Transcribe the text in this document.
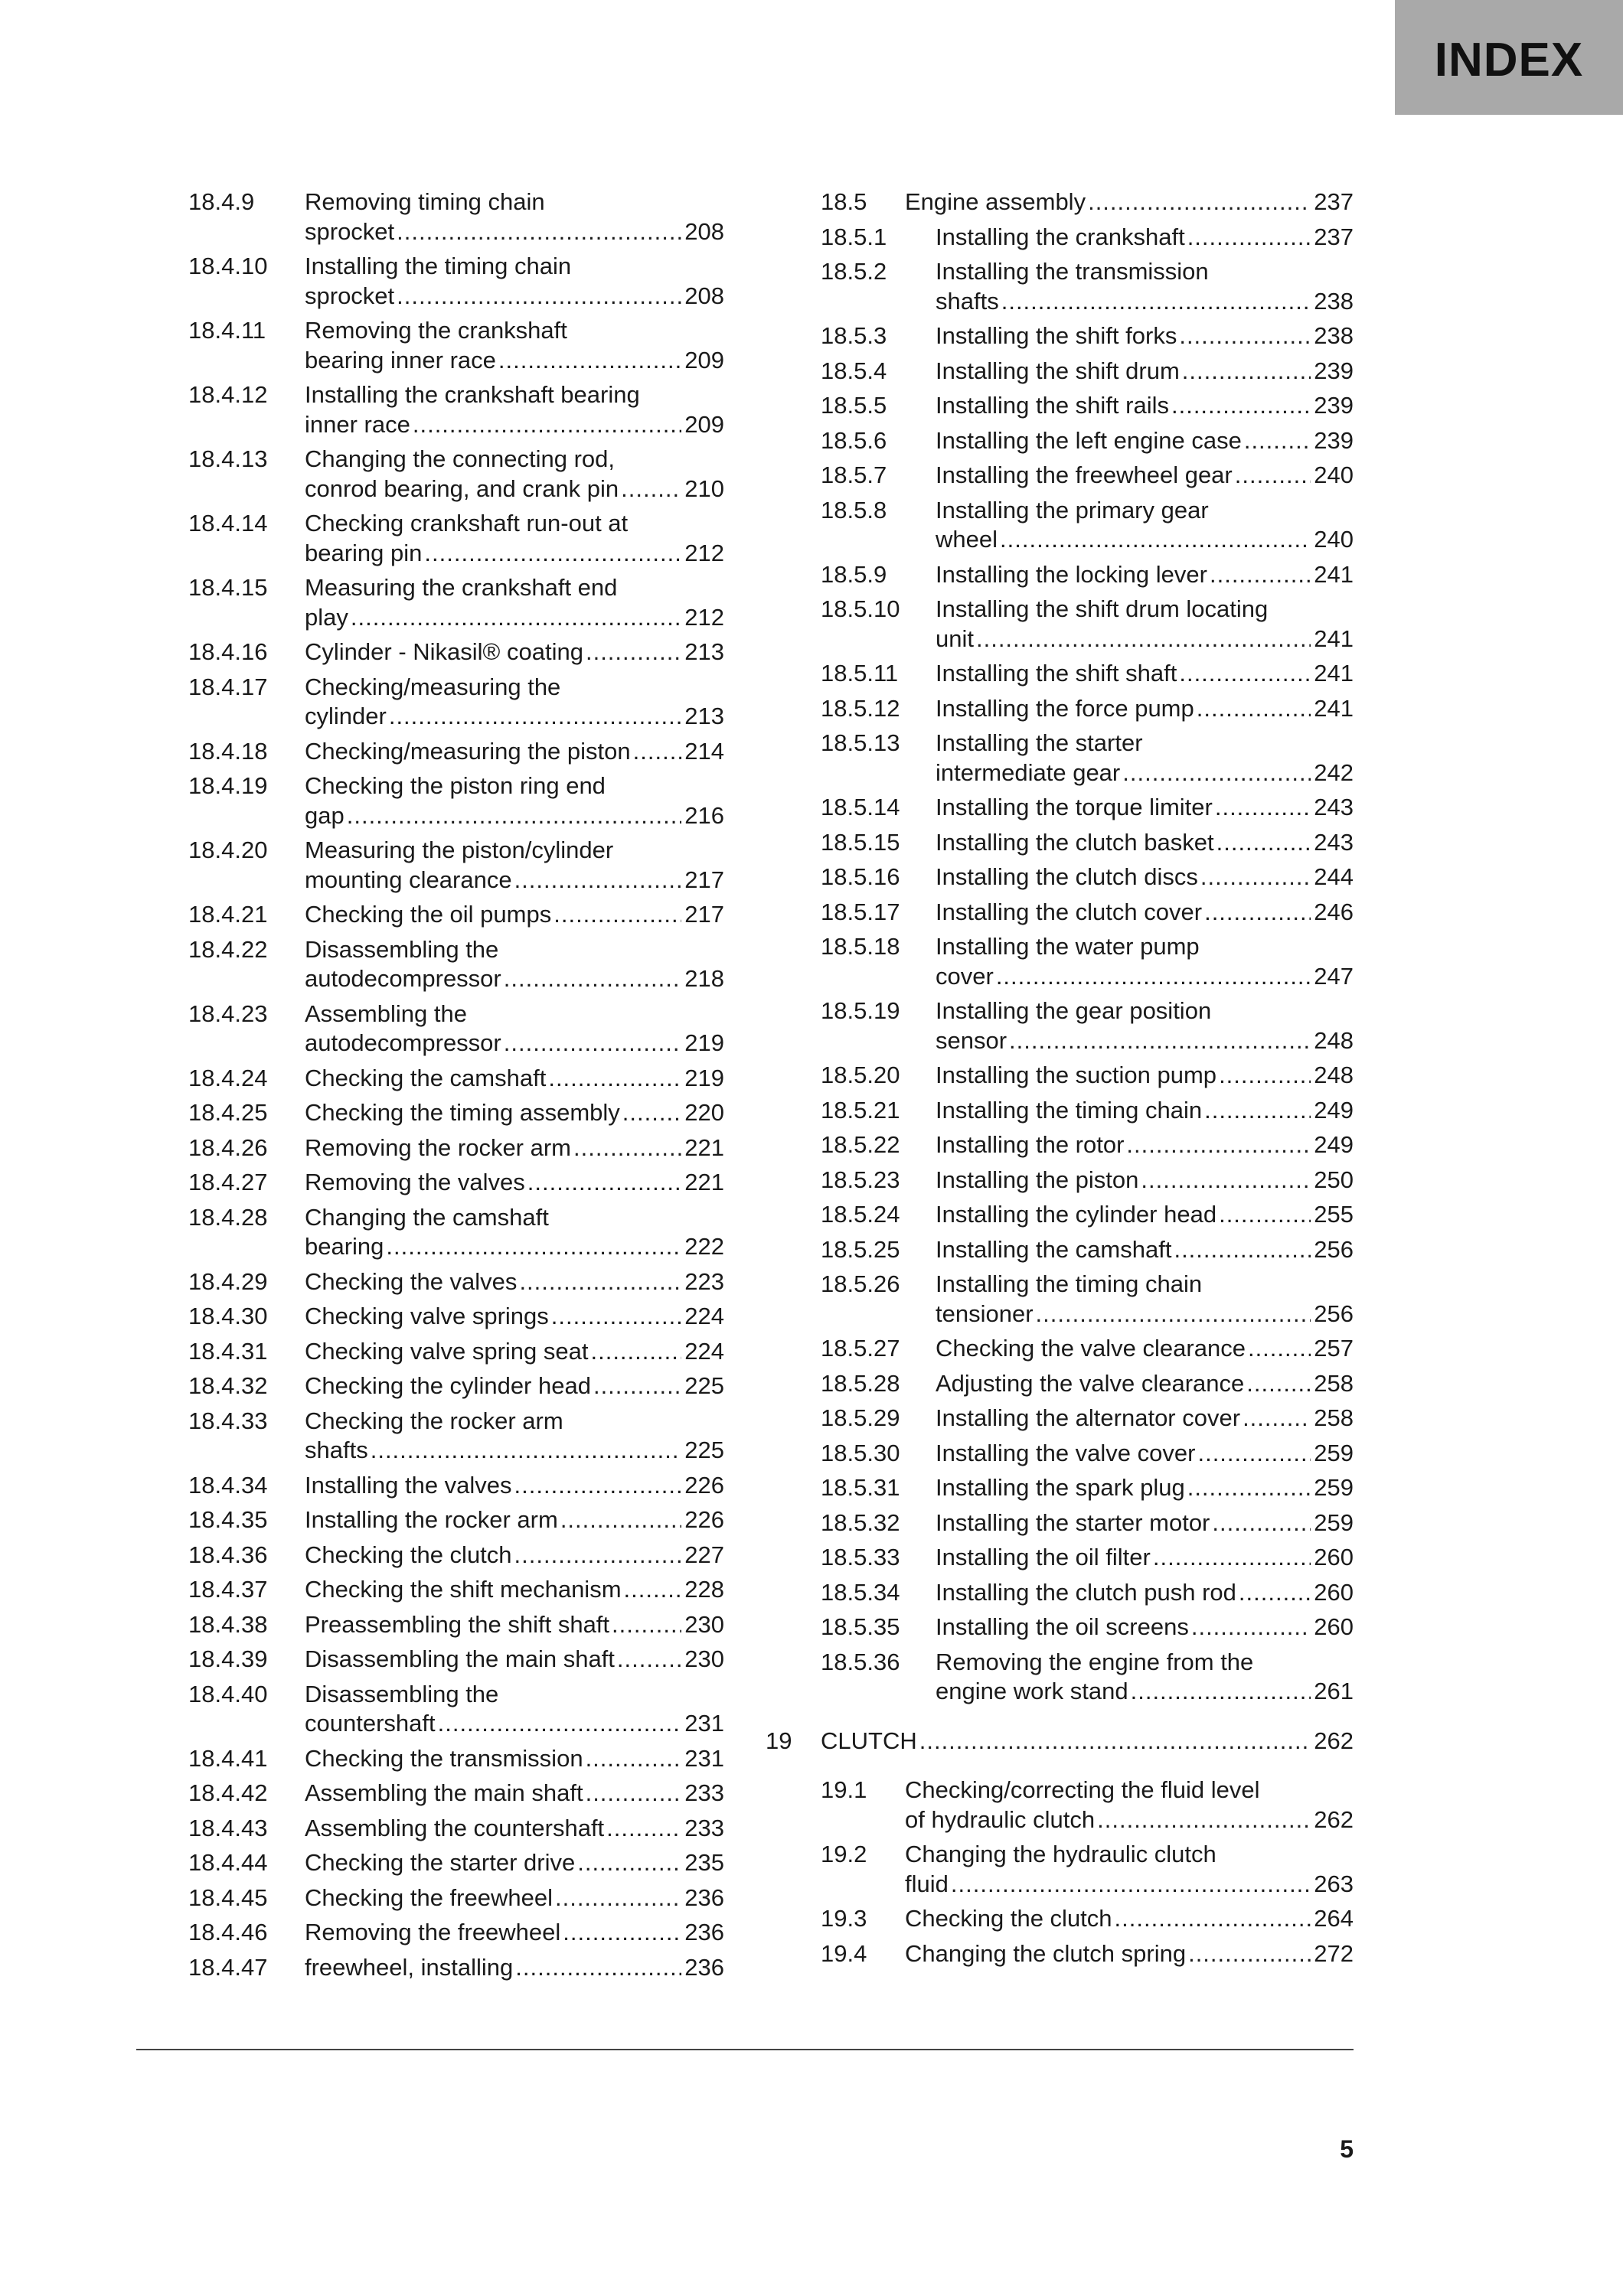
INDEX
18.4.9 Removing timing chain
sprocket .....	208
18.4.10 Installing the timing chain
sprocket .....	208
18.4.11 Removing the crankshaft
bearing inner race .....	209
18.4.12 Installing the crankshaft bearing
inner race .....	209
18.4.13 Changing the connecting rod,
conrod bearing, and crank pin .....	210
18.4.14 Checking crankshaft run-out at
bearing pin .....	212
18.4.15 Measuring the crankshaft end
play .....	212
18.4.16 Cylinder - Nikasil® coating .....	213
18.4.17 Checking/measuring the
cylinder .....	213
18.4.18 Checking/measuring the piston ..... 214
18.4.19 Checking the piston ring end
gap .....	216
18.4.20 Measuring the piston/cylinder
mounting clearance .....	217
18.4.21 Checking the oil pumps .....	217
18.4.22 Disassembling the
autodecompressor .....	218
18.4.23 Assembling the
autodecompressor .....	219
18.4.24 Checking the camshaft .....	219
18.4.25 Checking the timing assembly .....	220
18.4.26 Removing the rocker arm .....	221
18.4.27 Removing the valves .....	221
18.4.28 Changing the camshaft
bearing .....	222
18.4.29 Checking the valves .....	223
18.4.30 Checking valve springs .....	224
18.4.31 Checking valve spring seat .....	224
18.4.32 Checking the cylinder head .....	225
18.4.33 Checking the rocker arm
shafts .....	225
18.4.34 Installing the valves .....	226
18.4.35 Installing the rocker arm .....	226
18.4.36 Checking the clutch .....	227
18.4.37 Checking the shift mechanism .....	228
18.4.38 Preassembling the shift shaft .....	230
18.4.39 Disassembling the main shaft .....	230
18.4.40 Disassembling the
countershaft .....	231
18.4.41 Checking the transmission .....	231
18.4.42 Assembling the main shaft .....	233
18.4.43 Assembling the countershaft .....	233
18.4.44 Checking the starter drive .....	235
18.4.45 Checking the freewheel .....	236
18.4.46 Removing the freewheel .....	236
18.4.47 freewheel, installing .....	236
18.5 Engine assembly .....	237
18.5.1 Installing the crankshaft .....	237
18.5.2 Installing the transmission
shafts .....	238
18.5.3 Installing the shift forks .....	238
18.5.4 Installing the shift drum .....	239
18.5.5 Installing the shift rails .....	239
18.5.6 Installing the left engine case .....	239
18.5.7 Installing the freewheel gear .....	240
18.5.8 Installing the primary gear
wheel .....	240
18.5.9 Installing the locking lever .....	241
18.5.10 Installing the shift drum locating
unit .....	241
18.5.11 Installing the shift shaft .....	241
18.5.12 Installing the force pump .....	241
18.5.13 Installing the starter
intermediate gear .....	242
18.5.14 Installing the torque limiter .....	243
18.5.15 Installing the clutch basket .....	243
18.5.16 Installing the clutch discs .....	244
18.5.17 Installing the clutch cover .....	246
18.5.18 Installing the water pump
cover .....	247
18.5.19 Installing the gear position
sensor .....	248
18.5.20 Installing the suction pump .....	248
18.5.21 Installing the timing chain .....	249
18.5.22 Installing the rotor .....	249
18.5.23 Installing the piston .....	250
18.5.24 Installing the cylinder head .....	255
18.5.25 Installing the camshaft .....	256
18.5.26 Installing the timing chain
tensioner .....	256
18.5.27 Checking the valve clearance .....	257
18.5.28 Adjusting the valve clearance .....	258
18.5.29 Installing the alternator cover .....	258
18.5.30 Installing the valve cover .....	259
18.5.31 Installing the spark plug .....	259
18.5.32 Installing the starter motor .....	259
18.5.33 Installing the oil filter .....	260
18.5.34 Installing the clutch push rod .....	260
18.5.35 Installing the oil screens .....	260
18.5.36 Removing the engine from the
engine work stand .....	261
19 CLUTCH .....	262
19.1 Checking/correcting the fluid level
of hydraulic clutch .....	262
19.2 Changing the hydraulic clutch
fluid .....	263
19.3 Checking the clutch .....	264
19.4 Changing the clutch spring .....	272
5
